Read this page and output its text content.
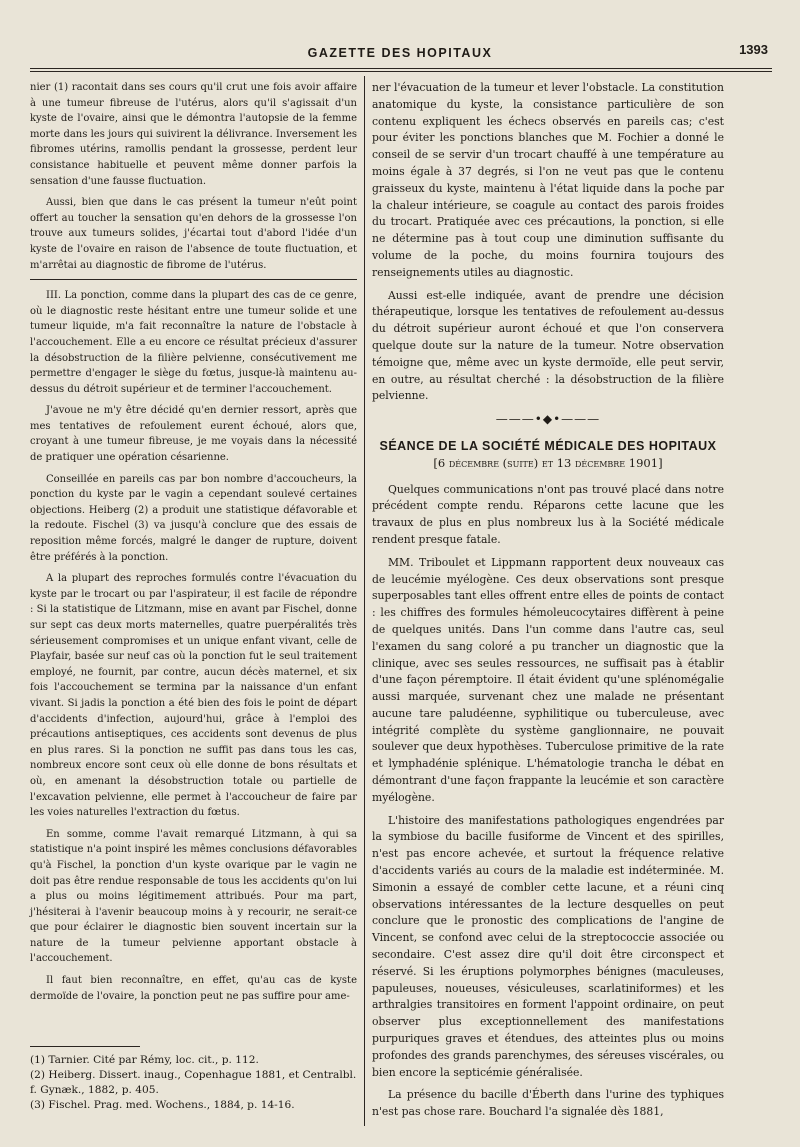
GAZETTE DES HOPITAUX	1393

nier (1) racontait dans ses cours qu'il crut une fois avoir affaire à une tumeur fibreuse de l'utérus, alors qu'il s'agissait d'un kyste de l'ovaire, ainsi que le démontra l'autopsie de la femme morte dans les jours qui suivirent la délivrance. Inversement les fibromes utérins, ramollis pendant la grossesse, perdent leur consistance habituelle et peuvent même donner parfois la sensation d'une fausse fluctuation.

Aussi, bien que dans le cas présent la tumeur n'eût point offert au toucher la sensation qu'en dehors de la grossesse l'on trouve aux tumeurs solides, j'écartai tout d'abord l'idée d'un kyste de l'ovaire en raison de l'absence de toute fluctuation, et m'arrêtai au diagnostic de fibrome de l'utérus.

III. La ponction, comme dans la plupart des cas de ce genre, où le diagnostic reste hésitant entre une tumeur solide et une tumeur liquide, m'a fait reconnaître la nature de l'obstacle à l'accouchement. Elle a eu encore ce résultat précieux d'assurer la désobstruction de la filière pelvienne, consécutivement me permettre d'engager le siège du fœtus, jusque-là maintenu au-dessus du détroit supérieur et de terminer l'accouchement.

J'avoue ne m'y être décidé qu'en dernier ressort, après que mes tentatives de refoulement eurent échoué, alors que, croyant à une tumeur fibreuse, je me voyais dans la nécessité de pratiquer une opération césarienne.

Conseillée en pareils cas par bon nombre d'accoucheurs, la ponction du kyste par le vagin a cependant soulevé certaines objections. Heiberg (2) a produit une statistique défavorable et la redoute. Fischel (3) va jusqu'à conclure que des essais de reposition même forcés, malgré le danger de rupture, doivent être préférés à la ponction.

A la plupart des reproches formulés contre l'évacuation du kyste par le trocart ou par l'aspirateur, il est facile de répondre : Si la statistique de Litzmann, mise en avant par Fischel, donne sur sept cas deux morts maternelles, quatre puerpéralités très sérieusement compromises et un unique enfant vivant, celle de Playfair, basée sur neuf cas où la ponction fut le seul traitement employé, ne fournit, par contre, aucun décès maternel, et six fois l'accouchement se termina par la naissance d'un enfant vivant. Si jadis la ponction a été bien des fois le point de départ d'accidents d'infection, aujourd'hui, grâce à l'emploi des précautions antiseptiques, ces accidents sont devenus de plus en plus rares. Si la ponction ne suffit pas dans tous les cas, nombreux encore sont ceux où elle donne de bons résultats et où, en amenant la désobstruction totale ou partielle de l'excavation pelvienne, elle permet à l'accoucheur de faire par les voies naturelles l'extraction du fœtus.

En somme, comme l'avait remarqué Litzmann, à qui sa statistique n'a point inspiré les mêmes conclusions défavorables qu'à Fischel, la ponction d'un kyste ovarique par le vagin ne doit pas être rendue responsable de tous les accidents qu'on lui a plus ou moins légitimement attribués. Pour ma part, j'hésiterai à l'avenir beaucoup moins à y recourir, ne serait-ce que pour éclairer le diagnostic bien souvent incertain sur la nature de la tumeur pelvienne apportant obstacle à l'accouchement.

Il faut bien reconnaître, en effet, qu'au cas de kyste dermoïde de l'ovaire, la ponction peut ne pas suffire pour ame-

(1) Tarnier. Cité par Rémy, loc. cit., p. 112.
(2) Heiberg. Dissert. inaug., Copenhague 1881, et Centralbl. f. Gynæk., 1882, p. 405.
(3) Fischel. Prag. med. Wochens., 1884, p. 14-16.

ner l'évacuation de la tumeur et lever l'obstacle. La constitution anatomique du kyste, la consistance particulière de son contenu expliquent les échecs observés en pareils cas; c'est pour éviter les ponctions blanches que M. Fochier a donné le conseil de se servir d'un trocart chauffé à une température au moins égale à 37 degrés, si l'on ne veut pas que le contenu graisseux du kyste, maintenu à l'état liquide dans la poche par la chaleur intérieure, se coagule au contact des parois froides du trocart. Pratiquée avec ces précautions, la ponction, si elle ne détermine pas à tout coup une diminution suffisante du volume de la poche, du moins fournira toujours des renseignements utiles au diagnostic.

Aussi est-elle indiquée, avant de prendre une décision thérapeutique, lorsque les tentatives de refoulement au-dessus du détroit supérieur auront échoué et que l'on conservera quelque doute sur la nature de la tumeur. Notre observation témoigne que, même avec un kyste dermoïde, elle peut servir, en outre, au résultat cherché : la désobstruction de la filière pelvienne.

———•◆•———
SÉANCE DE LA SOCIÉTÉ MÉDICALE DES HOPITAUX
[6 décembre (suite) et 13 décembre 1901]

Quelques communications n'ont pas trouvé placé dans notre précédent compte rendu. Réparons cette lacune que les travaux de plus en plus nombreux lus à la Société médicale rendent presque fatale.

MM. Triboulet et Lippmann rapportent deux nouveaux cas de leucémie myélogène. Ces deux observations sont presque superposables tant elles offrent entre elles de points de contact : les chiffres des formules hémoleucocytaires diffèrent à peine de quelques unités. Dans l'un comme dans l'autre cas, seul l'examen du sang coloré a pu trancher un diagnostic que la clinique, avec ses seules ressources, ne suffisait pas à établir d'une façon péremptoire. Il était évident qu'une splénomégalie aussi marquée, survenant chez une malade ne présentant aucune tare paludéenne, syphilitique ou tuberculeuse, avec intégrité complète du système ganglionnaire, ne pouvait soulever que deux hypothèses. Tuberculose primitive de la rate et lymphadénie splénique. L'hématologie trancha le débat en démontrant d'une façon frappante la leucémie et son caractère myélogène.

L'histoire des manifestations pathologiques engendrées par la symbiose du bacille fusiforme de Vincent et des spirilles, n'est pas encore achevée, et surtout la fréquence relative d'accidents variés au cours de la maladie est indéterminée. M. Simonin a essayé de combler cette lacune, et a réuni cinq observations intéressantes de la lecture desquelles on peut conclure que le pronostic des complications de l'angine de Vincent, se confond avec celui de la streptococcie associée ou secondaire. C'est assez dire qu'il doit être circonspect et réservé. Si les éruptions polymorphes bénignes (maculeuses, papuleuses, noueuses, vésiculeuses, scarlatiniformes) et les arthralgies transitoires en forment l'appoint ordinaire, on peut observer plus exceptionnellement des manifestations purpuriques graves et étendues, des atteintes plus ou moins profondes des grands parenchymes, des séreuses viscérales, ou bien encore la septicémie généralisée.

La présence du bacille d'Éberth dans l'urine des typhiques n'est pas chose rare. Bouchard l'a signalée dès 1881,
